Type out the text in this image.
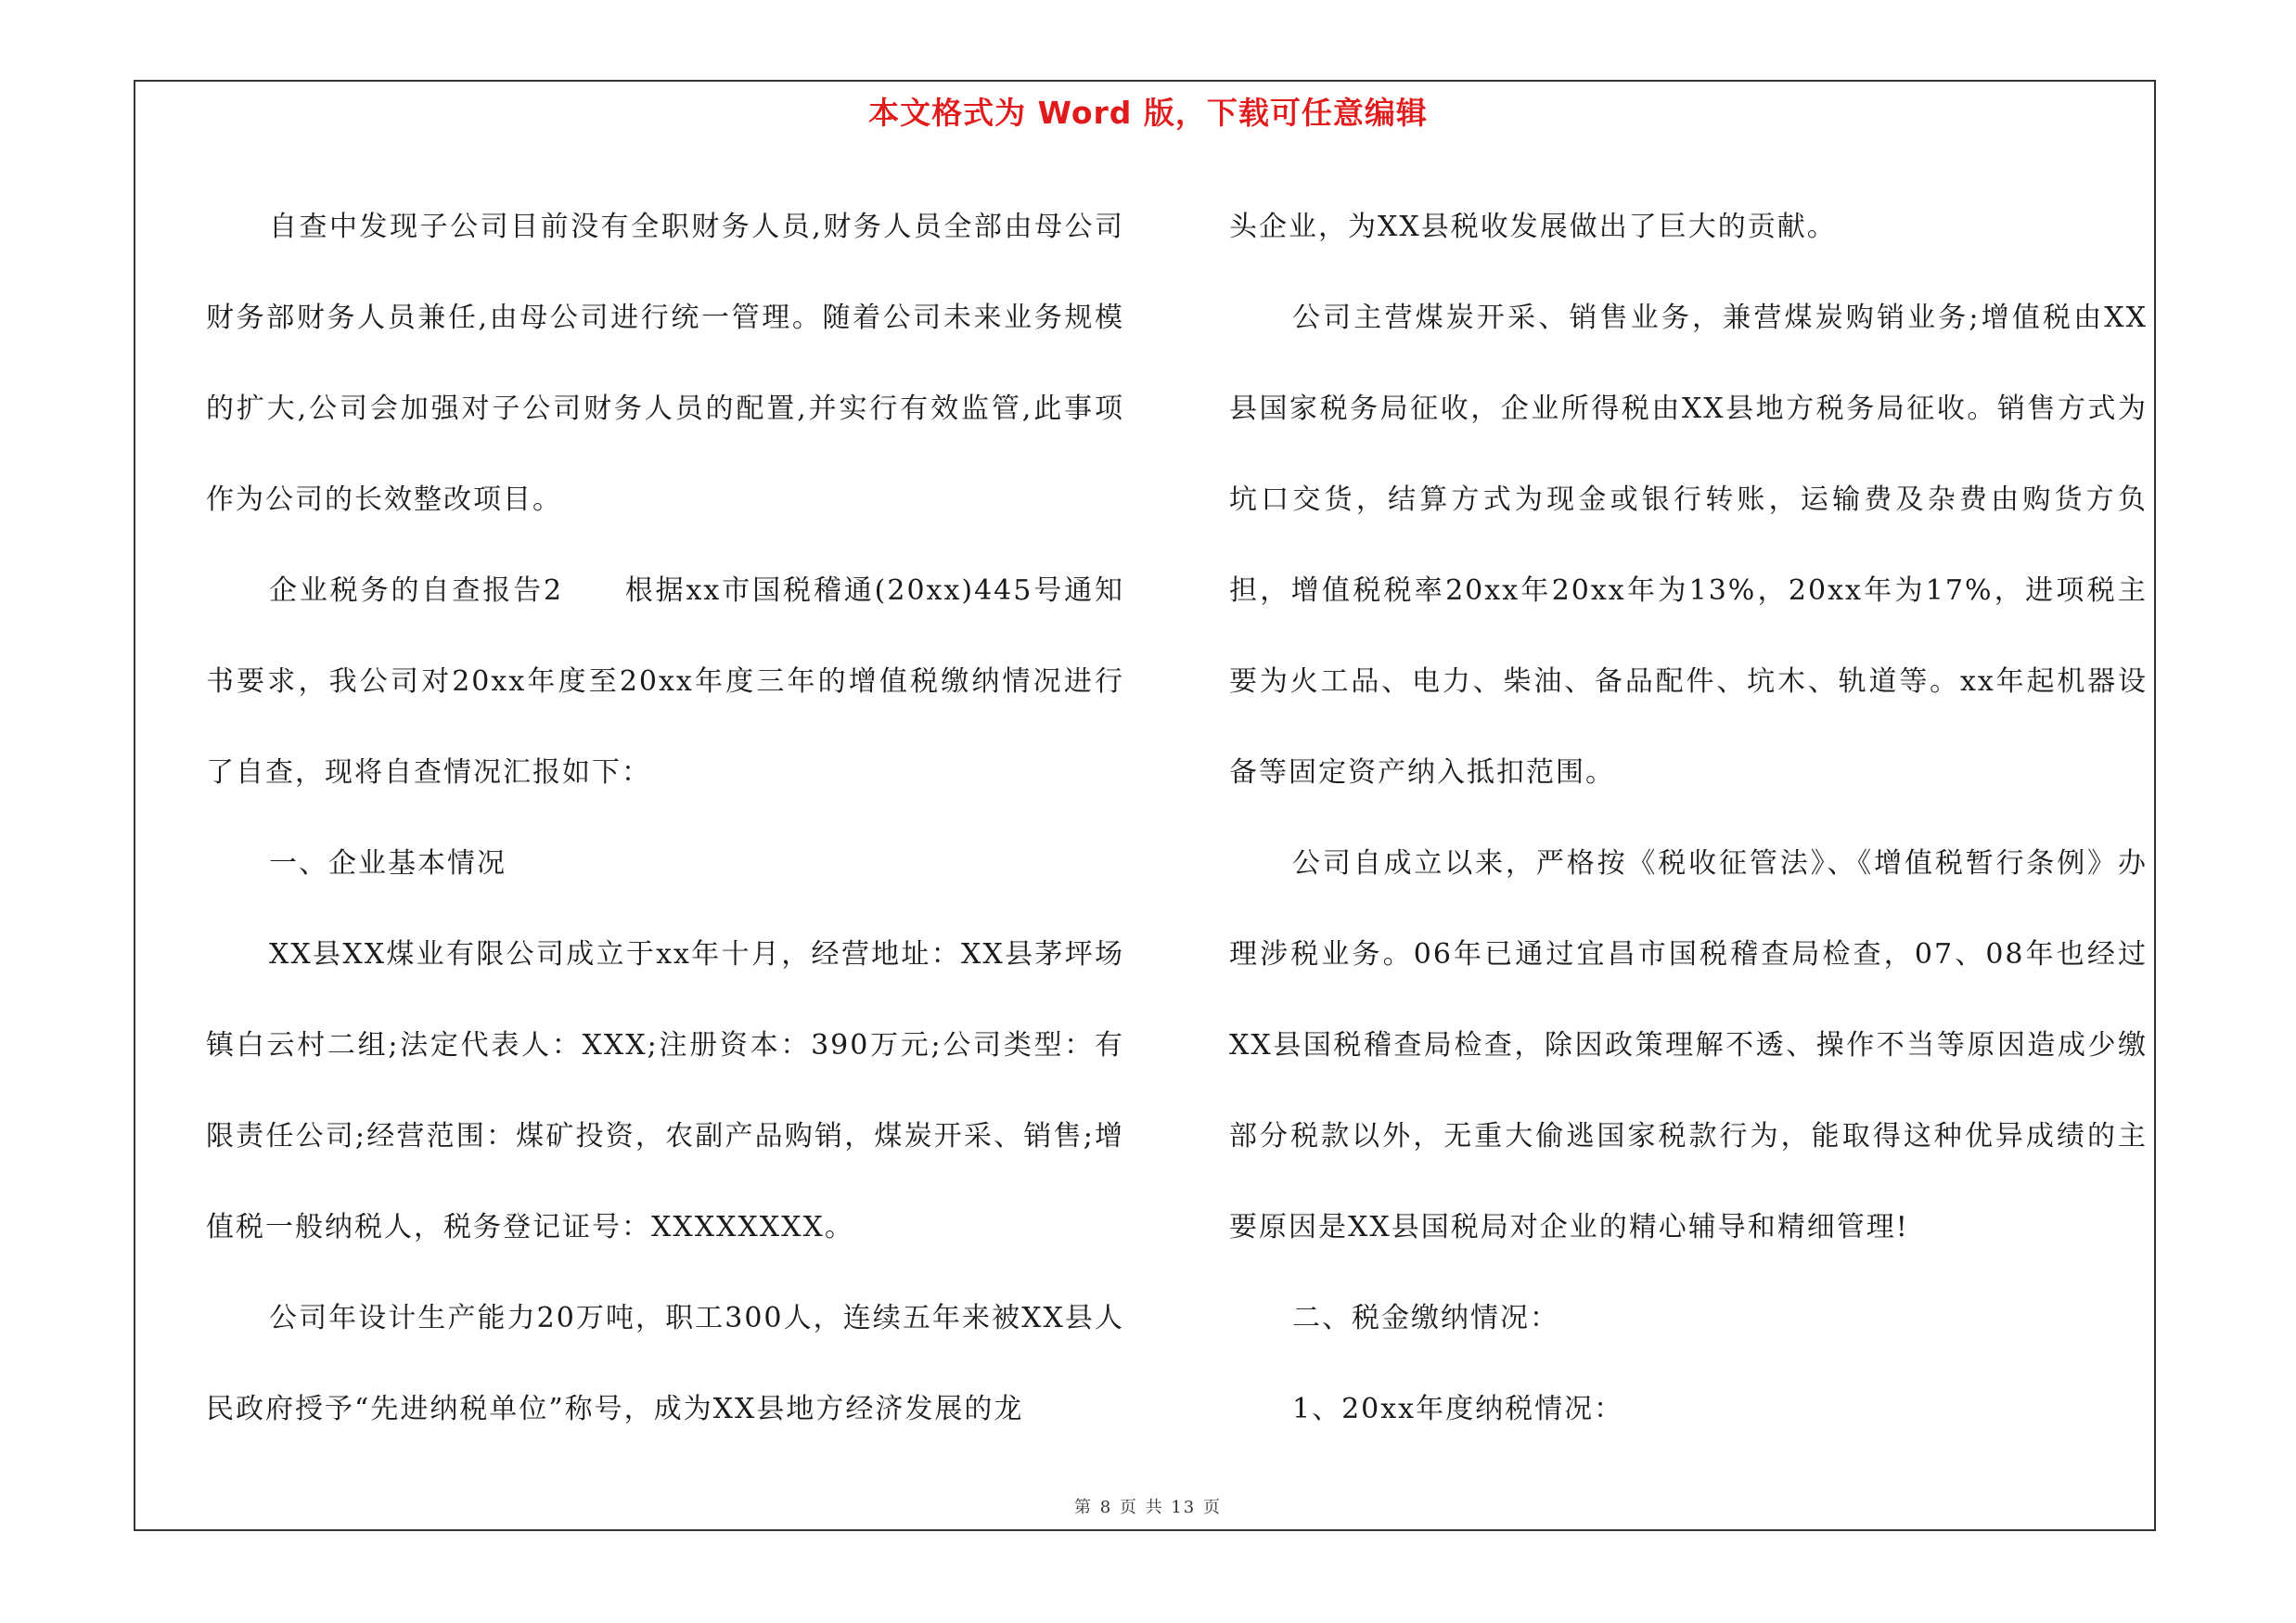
本文格式为 Word 版，下载可任意编辑

自查中发现子公司目前没有全职财务人员,财务人员全部由母公司财务部财务人员兼任,由母公司进行统一管理。随着公司未来业务规模的扩大,公司会加强对子公司财务人员的配置,并实行有效监管,此事项作为公司的长效整改项目。

企业税务的自查报告2　　根据xx市国税稽通(20xx)445号通知书要求，我公司对20xx年度至20xx年度三年的增值税缴纳情况进行了自查，现将自查情况汇报如下：

一、企业基本情况

XX县XX煤业有限公司成立于xx年十月，经营地址：XX县茅坪场镇白云村二组;法定代表人：XXX;注册资本：390万元;公司类型：有限责任公司;经营范围：煤矿投资，农副产品购销，煤炭开采、销售;增值税一般纳税人，税务登记证号：XXXXXXXX。

公司年设计生产能力20万吨，职工300人，连续五年来被XX县人民政府授予“先进纳税单位”称号，成为XX县地方经济发展的龙

头企业，为XX县税收发展做出了巨大的贡献。

公司主营煤炭开采、销售业务，兼营煤炭购销业务;增值税由XX县国家税务局征收，企业所得税由XX县地方税务局征收。销售方式为坑口交货，结算方式为现金或银行转账，运输费及杂费由购货方负担，增值税税率20xx年20xx年为13%，20xx年为17%，进项税主要为火工品、电力、柴油、备品配件、坑木、轨道等。xx年起机器设备等固定资产纳入抵扣范围。

公司自成立以来，严格按《税收征管法》、《增值税暂行条例》办理涉税业务。06年已通过宜昌市国税稽查局检查，07、08年也经过XX县国税稽查局检查，除因政策理解不透、操作不当等原因造成少缴部分税款以外，无重大偷逃国家税款行为，能取得这种优异成绩的主要原因是XX县国税局对企业的精心辅导和精细管理!

二、税金缴纳情况：

1、20xx年度纳税情况：

第 8 页 共 13 页
